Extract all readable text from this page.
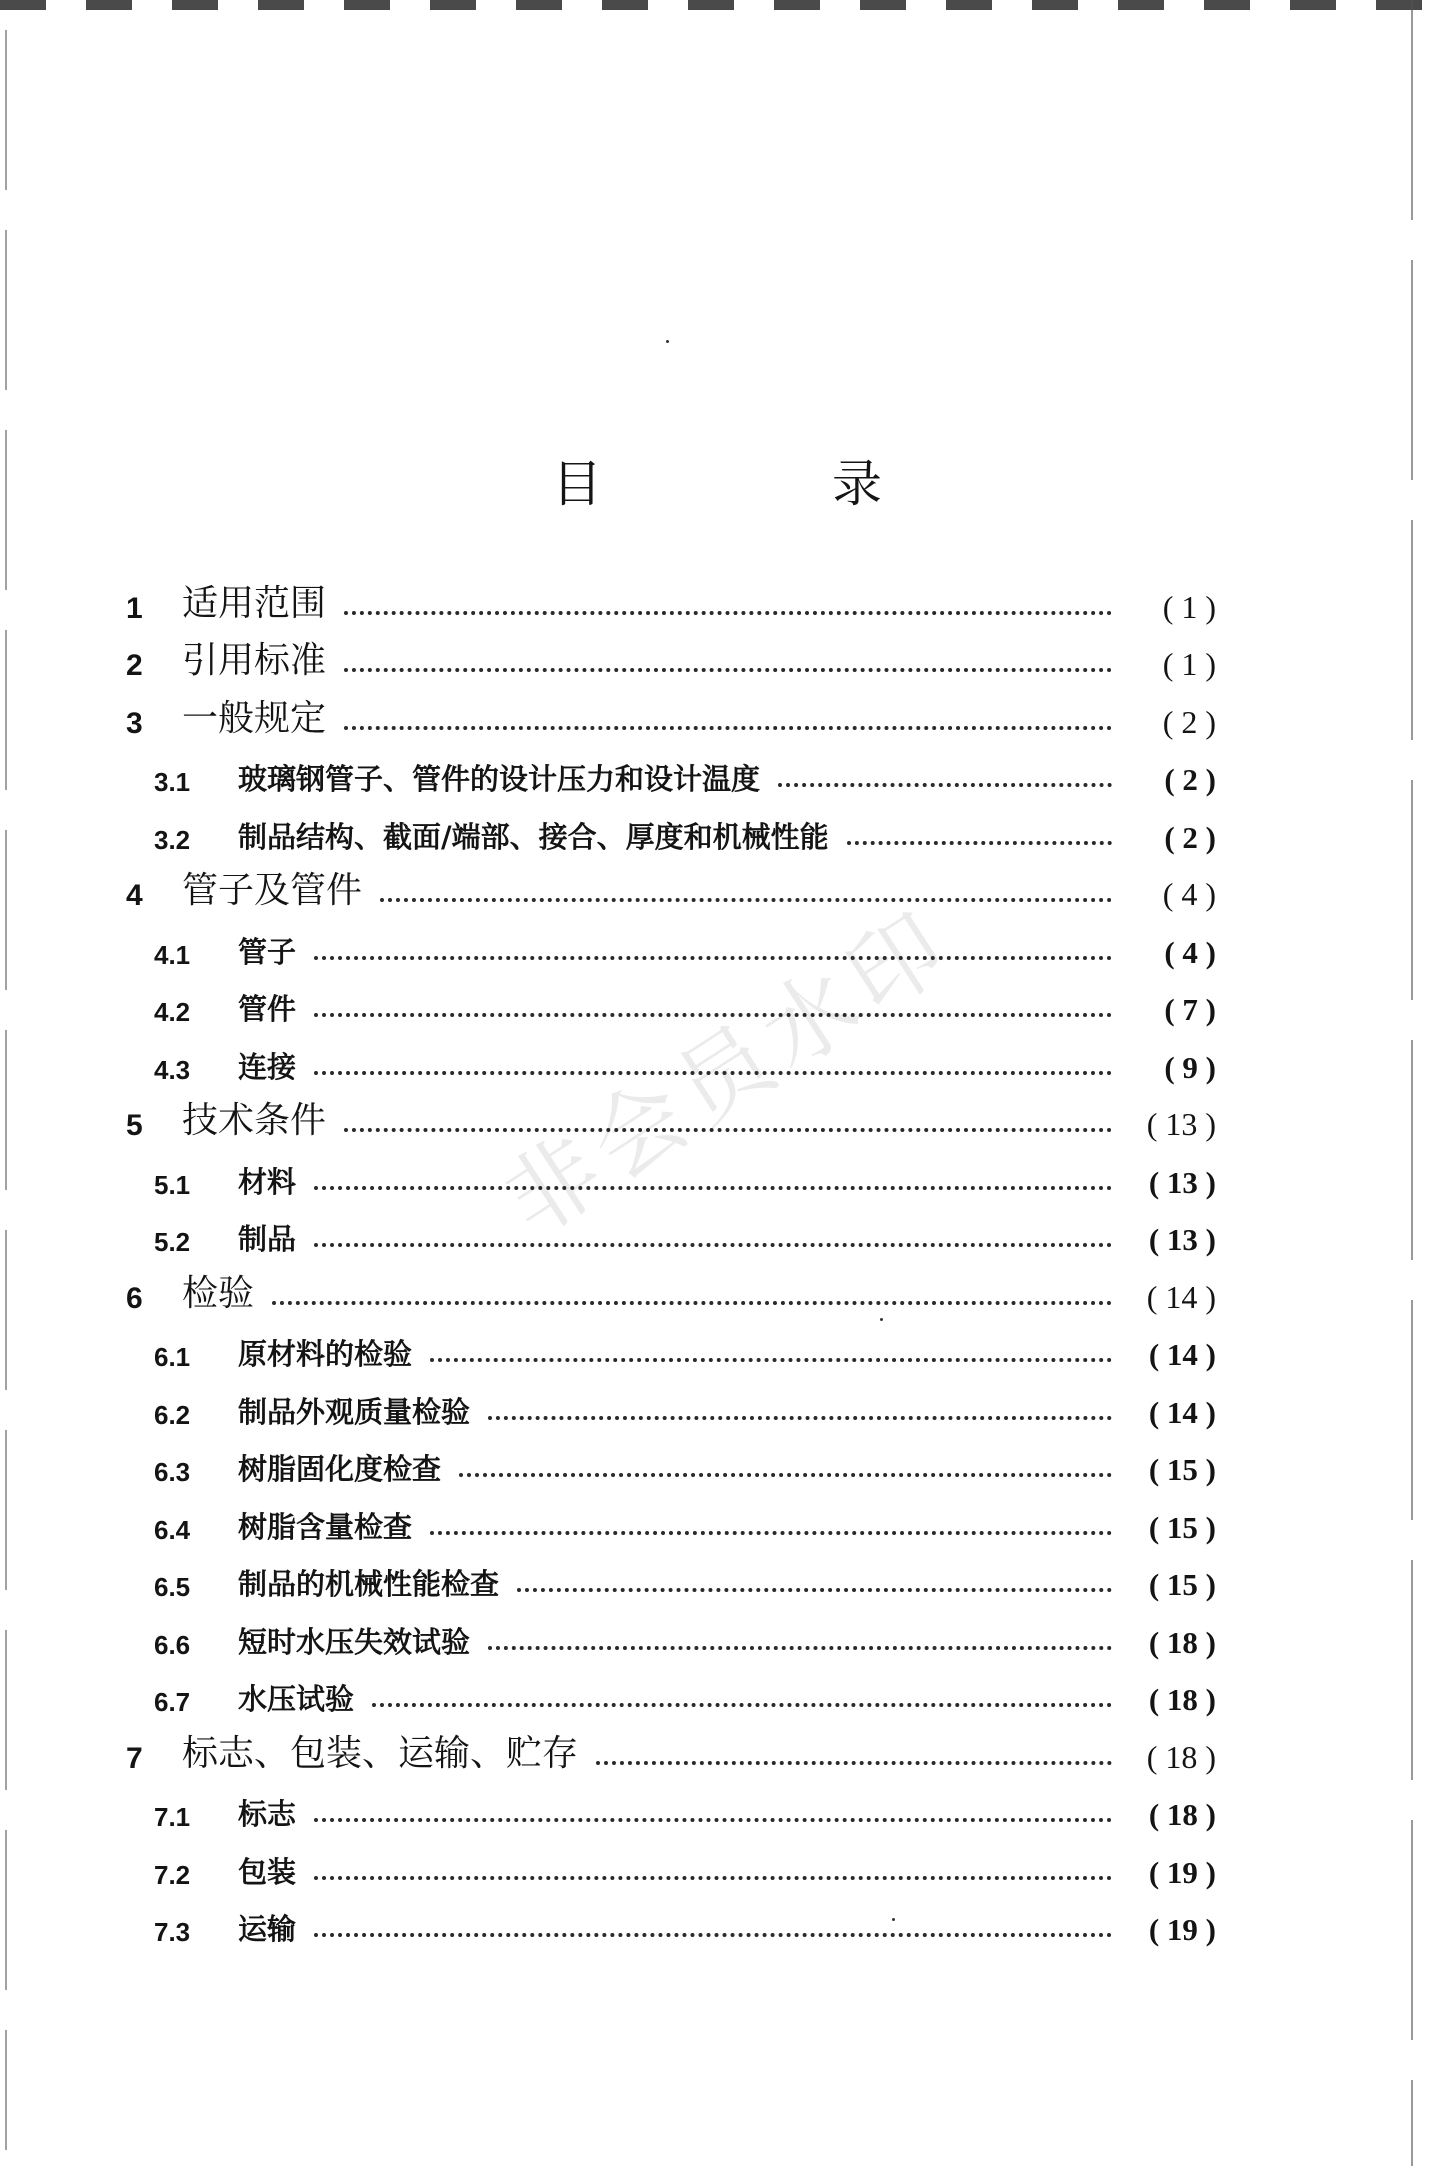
目　录
非会员水印
1	适用范围	( 1 )
2	引用标准	( 1 )
3	一般规定	( 2 )
3.1	玻璃钢管子、管件的设计压力和设计温度	( 2 )
3.2	制品结构、截面/端部、接合、厚度和机械性能	( 2 )
4	管子及管件	( 4 )
4.1	管子	( 4 )
4.2	管件	( 7 )
4.3	连接	( 9 )
5	技术条件	( 13 )
5.1	材料	( 13 )
5.2	制品	( 13 )
6	检验	( 14 )
6.1	原材料的检验	( 14 )
6.2	制品外观质量检验	( 14 )
6.3	树脂固化度检查	( 15 )
6.4	树脂含量检查	( 15 )
6.5	制品的机械性能检查	( 15 )
6.6	短时水压失效试验	( 18 )
6.7	水压试验	( 18 )
7	标志、包装、运输、贮存	( 18 )
7.1	标志	( 18 )
7.2	包装	( 19 )
7.3	运输	( 19 )
